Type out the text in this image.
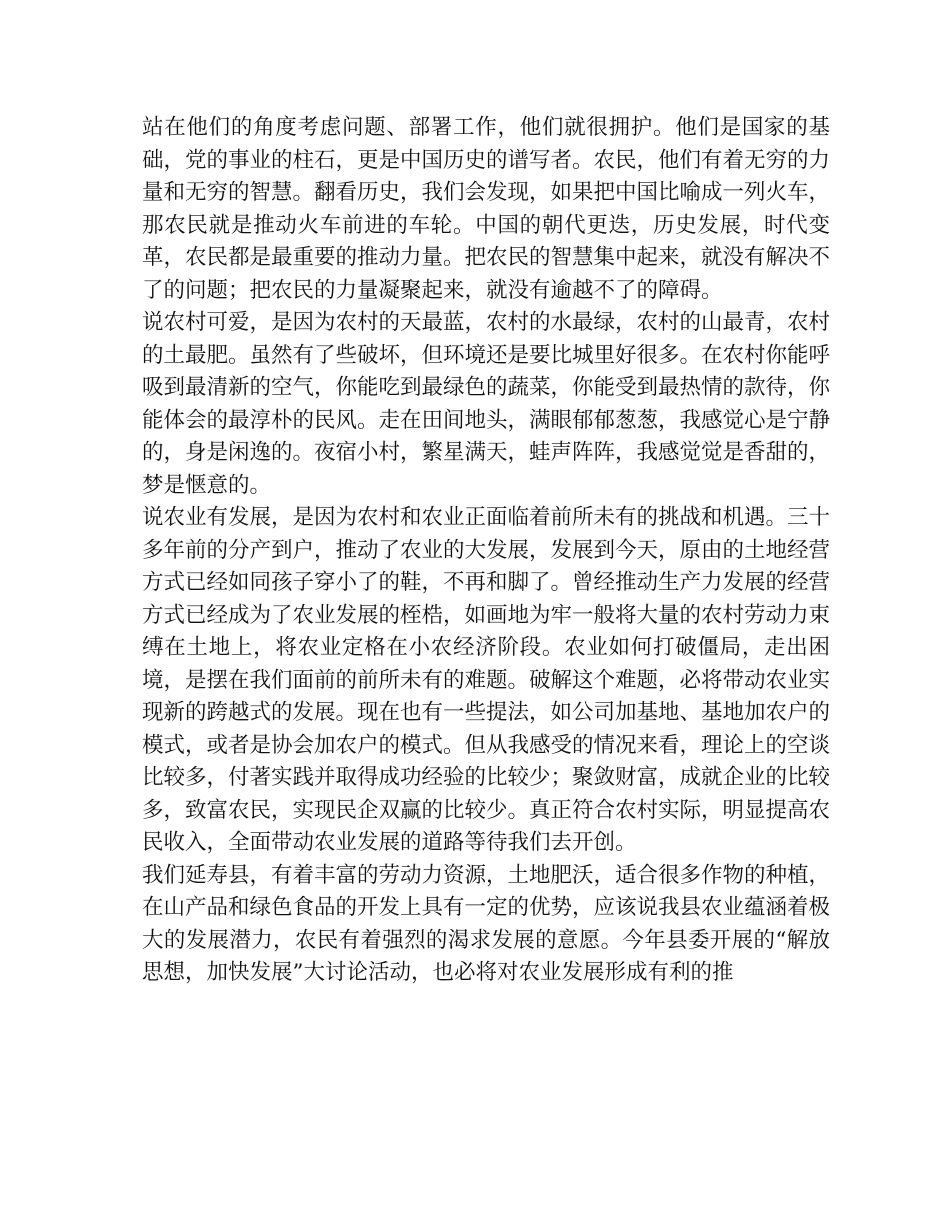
站在他们的角度考虑问题、部署工作，他们就很拥护。他们是国家的基础，党的事业的柱石，更是中国历史的谱写者。农民，他们有着无穷的力量和无穷的智慧。翻看历史，我们会发现，如果把中国比喻成一列火车，那农民就是推动火车前进的车轮。中国的朝代更迭，历史发展，时代变革，农民都是最重要的推动力量。把农民的智慧集中起来，就没有解决不了的问题；把农民的力量凝聚起来，就没有逾越不了的障碍。

说农村可爱，是因为农村的天最蓝，农村的水最绿，农村的山最青，农村的土最肥。虽然有了些破坏，但环境还是要比城里好很多。在农村你能呼吸到最清新的空气，你能吃到最绿色的蔬菜，你能受到最热情的款待，你能体会的最淳朴的民风。走在田间地头，满眼郁郁葱葱，我感觉心是宁静的，身是闲逸的。夜宿小村，繁星满天，蛙声阵阵，我感觉觉是香甜的，梦是惬意的。

说农业有发展，是因为农村和农业正面临着前所未有的挑战和机遇。三十多年前的分产到户，推动了农业的大发展，发展到今天，原由的土地经营方式已经如同孩子穿小了的鞋，不再和脚了。曾经推动生产力发展的经营方式已经成为了农业发展的桎梏，如画地为牢一般将大量的农村劳动力束缚在土地上，将农业定格在小农经济阶段。农业如何打破僵局，走出困境，是摆在我们面前的前所未有的难题。破解这个难题，必将带动农业实现新的跨越式的发展。现在也有一些提法，如公司加基地、基地加农户的模式，或者是协会加农户的模式。但从我感受的情况来看，理论上的空谈比较多，付著实践并取得成功经验的比较少；聚敛财富，成就企业的比较多，致富农民，实现民企双赢的比较少。真正符合农村实际，明显提高农民收入，全面带动农业发展的道路等待我们去开创。

我们延寿县，有着丰富的劳动力资源，土地肥沃，适合很多作物的种植，在山产品和绿色食品的开发上具有一定的优势，应该说我县农业蕴涵着极大的发展潜力，农民有着强烈的渴求发展的意愿。今年县委开展的“解放思想，加快发展”大讨论活动，也必将对农业发展形成有利的推
